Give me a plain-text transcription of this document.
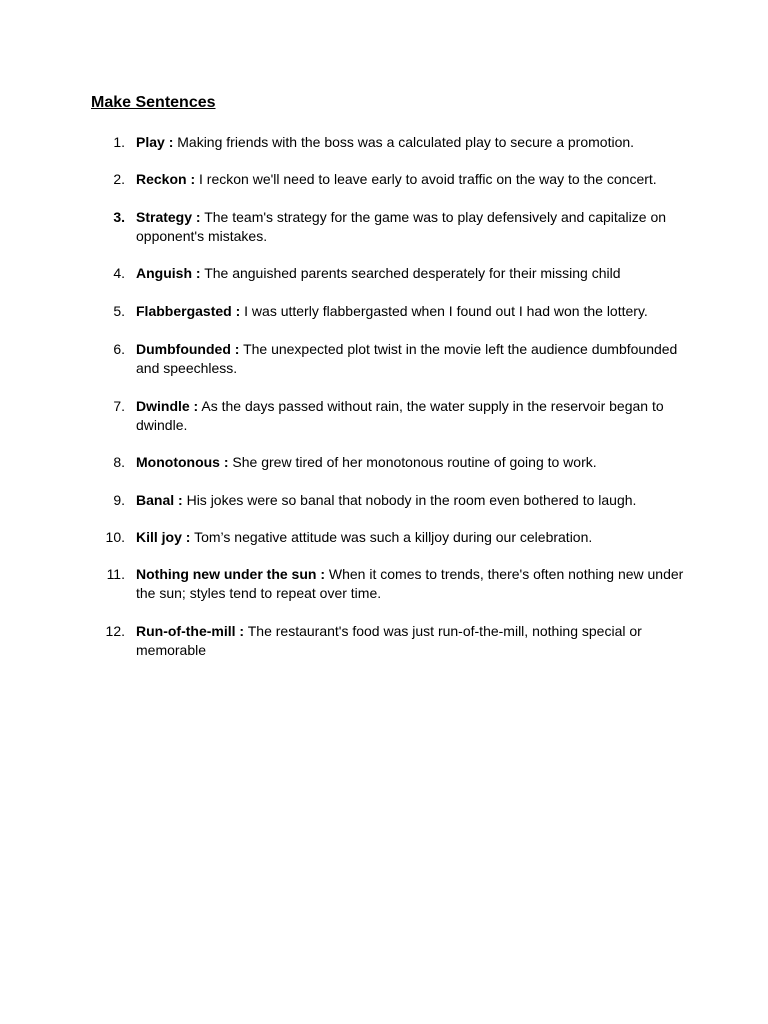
Make Sentences
1. Play : Making friends with the boss was a calculated play to secure a promotion.
2. Reckon : I reckon we'll need to leave early to avoid traffic on the way to the concert.
3. Strategy : The team's strategy for the game was to play defensively and capitalize on opponent's mistakes.
4. Anguish : The anguished parents searched desperately for their missing child
5. Flabbergasted : I was utterly flabbergasted when I found out I had won the lottery.
6. Dumbfounded : The unexpected plot twist in the movie left the audience dumbfounded and speechless.
7. Dwindle : As the days passed without rain, the water supply in the reservoir began to dwindle.
8. Monotonous : She grew tired of her monotonous routine of going to work.
9. Banal : His jokes were so banal that nobody in the room even bothered to laugh.
10. Kill joy : Tom’s negative attitude was such a killjoy during our celebration.
11. Nothing new under the sun : When it comes to trends, there's often nothing new under the sun; styles tend to repeat over time.
12. Run-of-the-mill : The restaurant's food was just run-of-the-mill, nothing special or memorable
